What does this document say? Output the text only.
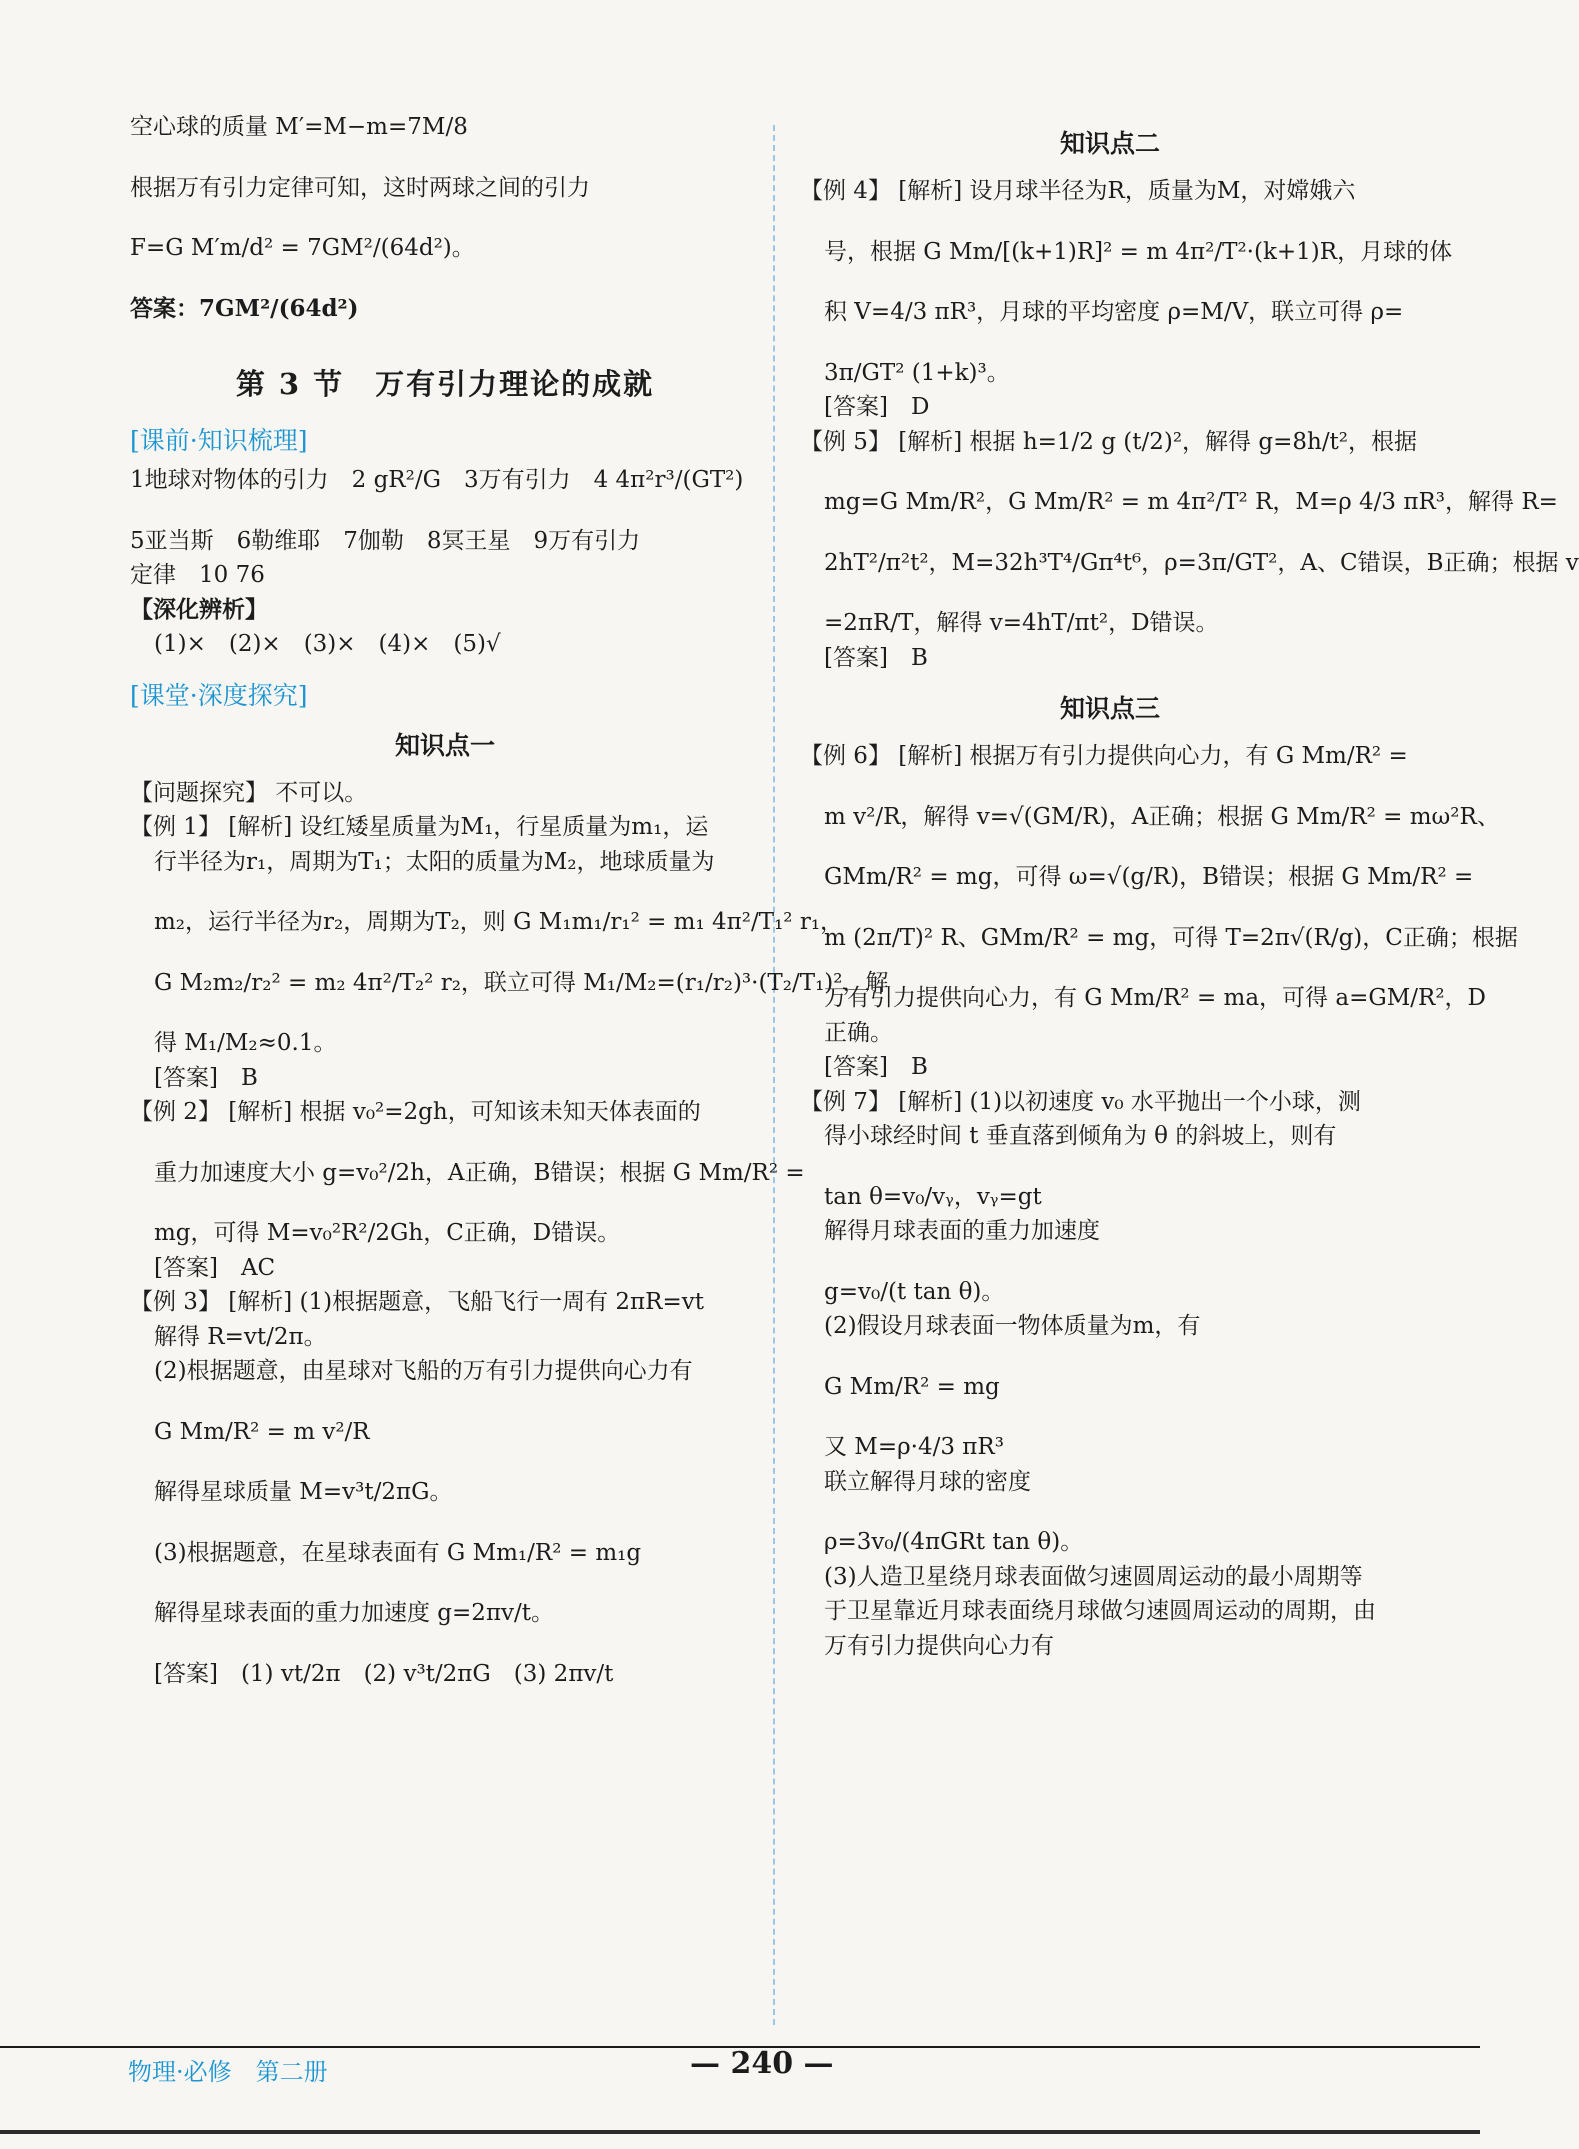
空心球的质量 M′=M−m=7M/8

根据万有引力定律可知，这时两球之间的引力

F=G M′m/d² = 7GM²/(64d²)。

答案：7GM²/(64d²)

第 3 节　万有引力理论的成就

[课前·知识梳理]

1地球对物体的引力　2 gR²/G　3万有引力　4 4π²r³/(GT²)

5亚当斯　6勒维耶　7伽勒　8冥王星　9万有引力

定律　10 76

【深化辨析】

(1)×　(2)×　(3)×　(4)×　(5)√

[课堂·深度探究]

知识点一

【问题探究】 不可以。

【例 1】 [解析] 设红矮星质量为M₁，行星质量为m₁，运

行半径为r₁，周期为T₁；太阳的质量为M₂，地球质量为

m₂，运行半径为r₂，周期为T₂，则 G M₁m₁/r₁² = m₁ 4π²/T₁² r₁，

G M₂m₂/r₂² = m₂ 4π²/T₂² r₂，联立可得 M₁/M₂=(r₁/r₂)³·(T₂/T₁)²，解

得 M₁/M₂≈0.1。

[答案]　B

【例 2】 [解析] 根据 v₀²=2gh，可知该未知天体表面的

重力加速度大小 g=v₀²/2h，A正确，B错误；根据 G Mm/R² =

mg，可得 M=v₀²R²/2Gh，C正确，D错误。

[答案]　AC

【例 3】 [解析] (1)根据题意，飞船飞行一周有 2πR=vt

解得 R=vt/2π。

(2)根据题意，由星球对飞船的万有引力提供向心力有

G Mm/R² = m v²/R

解得星球质量 M=v³t/2πG。

(3)根据题意，在星球表面有 G Mm₁/R² = m₁g

解得星球表面的重力加速度 g=2πv/t。

[答案]　(1) vt/2π　(2) v³t/2πG　(3) 2πv/t

知识点二

【例 4】 [解析] 设月球半径为R，质量为M，对嫦娥六

号，根据 G Mm/[(k+1)R]² = m 4π²/T²·(k+1)R，月球的体

积 V=4/3 πR³，月球的平均密度 ρ=M/V，联立可得 ρ=

3π/GT² (1+k)³。

[答案]　D

【例 5】 [解析] 根据 h=1/2 g (t/2)²，解得 g=8h/t²，根据

mg=G Mm/R²，G Mm/R² = m 4π²/T² R，M=ρ 4/3 πR³，解得 R=

2hT²/π²t²，M=32h³T⁴/Gπ⁴t⁶，ρ=3π/GT²，A、C错误，B正确；根据 v

=2πR/T，解得 v=4hT/πt²，D错误。

[答案]　B

知识点三

【例 6】 [解析] 根据万有引力提供向心力，有 G Mm/R² =

m v²/R，解得 v=√(GM/R)，A正确；根据 G Mm/R² = mω²R、

GMm/R² = mg，可得 ω=√(g/R)，B错误；根据 G Mm/R² =

m (2π/T)² R、GMm/R² = mg，可得 T=2π√(R/g)，C正确；根据

万有引力提供向心力，有 G Mm/R² = ma，可得 a=GM/R²，D

正确。

[答案]　B

【例 7】 [解析] (1)以初速度 v₀ 水平抛出一个小球，测

得小球经时间 t 垂直落到倾角为 θ 的斜坡上，则有

tan θ=v₀/vᵧ，vᵧ=gt

解得月球表面的重力加速度

g=v₀/(t tan θ)。

(2)假设月球表面一物体质量为m，有

G Mm/R² = mg

又 M=ρ·4/3 πR³

联立解得月球的密度

ρ=3v₀/(4πGRt tan θ)。

(3)人造卫星绕月球表面做匀速圆周运动的最小周期等

于卫星靠近月球表面绕月球做匀速圆周运动的周期，由

万有引力提供向心力有

物理·必修　第二册	— 240 —
